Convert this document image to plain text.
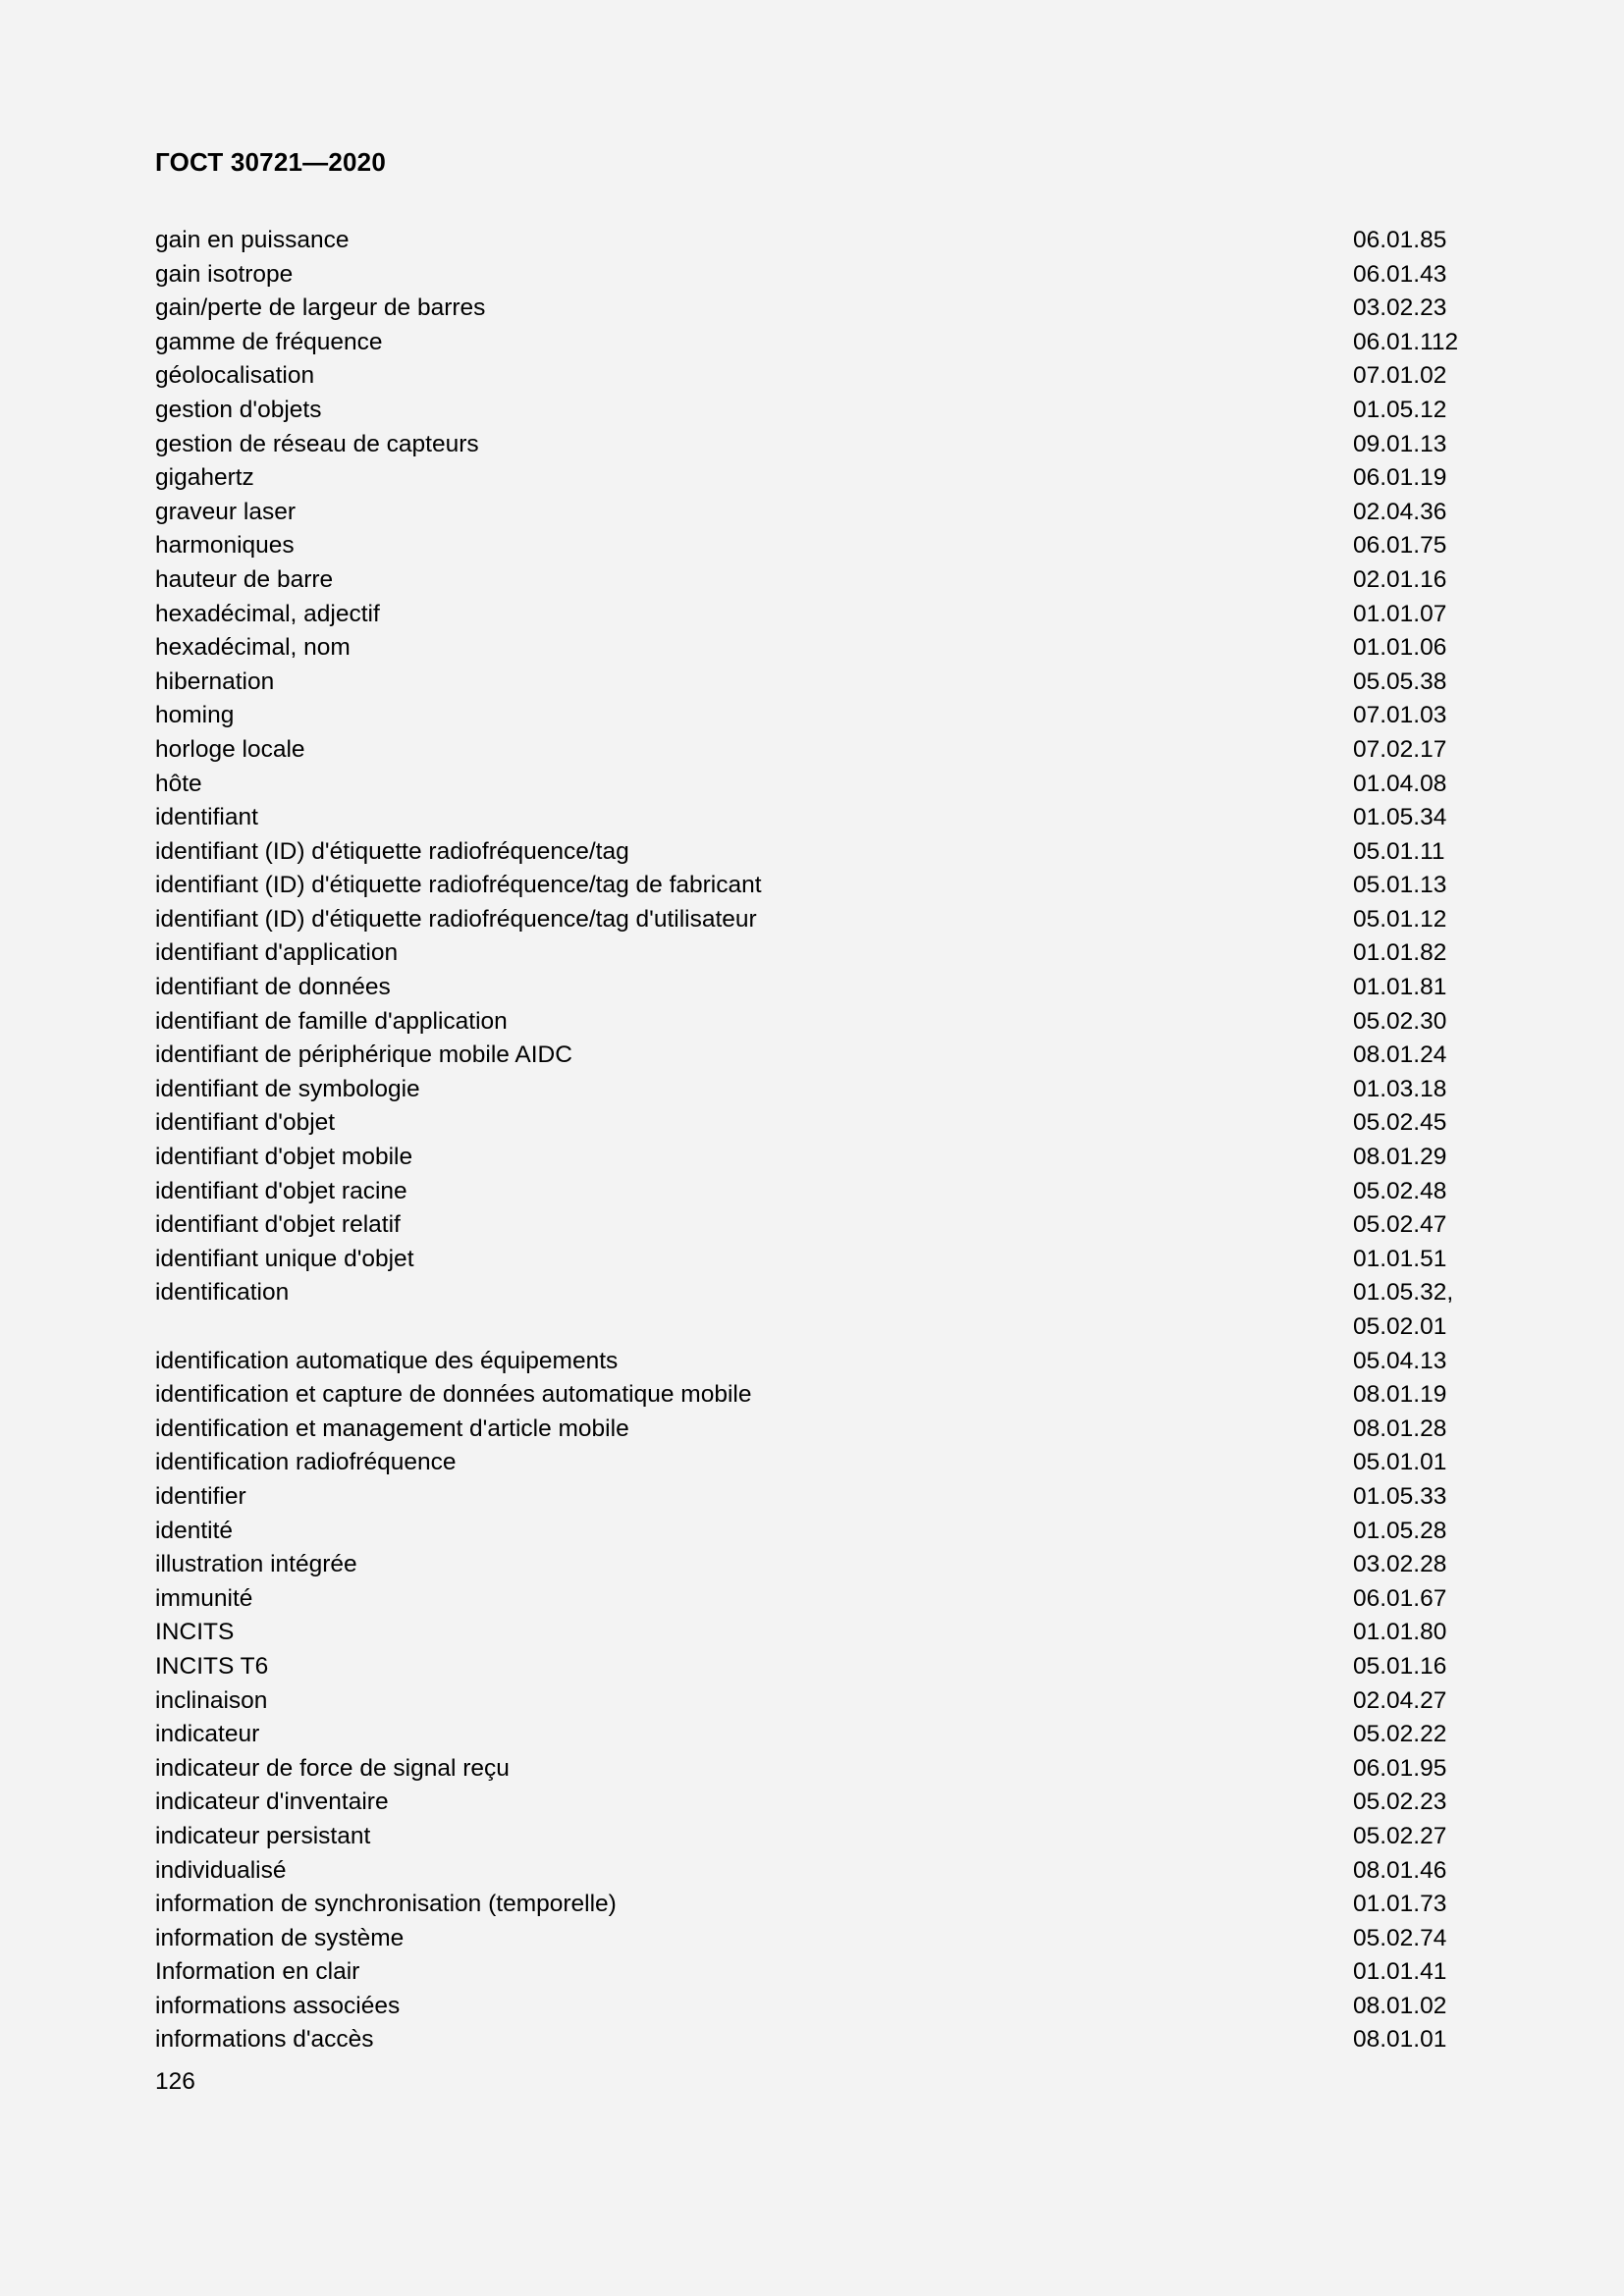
ГОСТ 30721—2020
gain en puissance	06.01.85
gain isotrope	06.01.43
gain/perte de largeur de barres	03.02.23
gamme de fréquence	06.01.112
géolocalisation	07.01.02
gestion d'objets	01.05.12
gestion de réseau de capteurs	09.01.13
gigahertz	06.01.19
graveur laser	02.04.36
harmoniques	06.01.75
hauteur de barre	02.01.16
hexadécimal, adjectif	01.01.07
hexadécimal, nom	01.01.06
hibernation	05.05.38
homing	07.01.03
horloge locale	07.02.17
hôte	01.04.08
identifiant	01.05.34
identifiant (ID) d'étiquette radiofréquence/tag	05.01.11
identifiant (ID) d'étiquette radiofréquence/tag de fabricant	05.01.13
identifiant (ID) d'étiquette radiofréquence/tag d'utilisateur	05.01.12
identifiant d'application	01.01.82
identifiant de données	01.01.81
identifiant de famille d'application	05.02.30
identifiant de périphérique mobile AIDC	08.01.24
identifiant de symbologie	01.03.18
identifiant d'objet	05.02.45
identifiant d'objet mobile	08.01.29
identifiant d'objet racine	05.02.48
identifiant d'objet relatif	05.02.47
identifiant unique d'objet	01.01.51
identification	01.05.32,
05.02.01
identification automatique des équipements	05.04.13
identification et capture de données automatique mobile	08.01.19
identification et management d'article mobile	08.01.28
identification radiofréquence	05.01.01
identifier	01.05.33
identité	01.05.28
illustration intégrée	03.02.28
immunité	06.01.67
INCITS	01.01.80
INCITS T6	05.01.16
inclinaison	02.04.27
indicateur	05.02.22
indicateur de force de signal reçu	06.01.95
indicateur d'inventaire	05.02.23
indicateur persistant	05.02.27
individualisé	08.01.46
information de synchronisation (temporelle)	01.01.73
information de système	05.02.74
Information en clair	01.01.41
informations associées	08.01.02
informations d'accès	08.01.01
126
